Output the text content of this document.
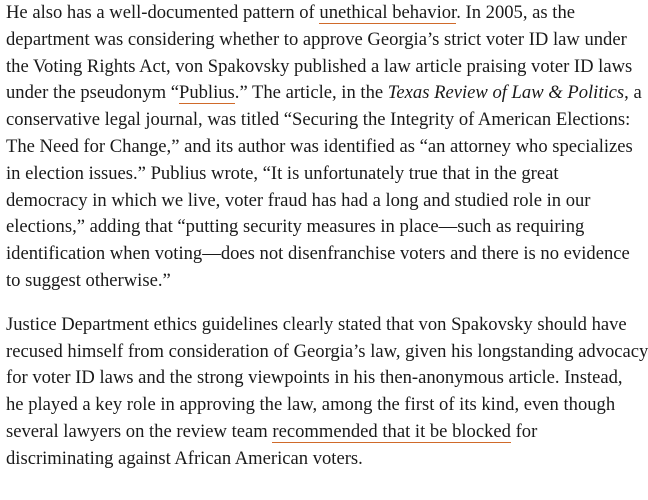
He also has a well-documented pattern of unethical behavior. In 2005, as the
department was considering whether to approve Georgia’s strict voter ID law under
the Voting Rights Act, von Spakovsky published a law article praising voter ID laws
under the pseudonym “Publius.” The article, in the Texas Review of Law & Politics, a
conservative legal journal, was titled “Securing the Integrity of American Elections:
The Need for Change,” and its author was identified as “an attorney who specializes
in election issues.” Publius wrote, “It is unfortunately true that in the great
democracy in which we live, voter fraud has had a long and studied role in our
elections,” adding that “putting security measures in place—such as requiring
identification when voting—does not disenfranchise voters and there is no evidence
to suggest otherwise.”

Justice Department ethics guidelines clearly stated that von Spakovsky should have
recused himself from consideration of Georgia’s law, given his longstanding advocacy
for voter ID laws and the strong viewpoints in his then-anonymous article. Instead,
he played a key role in approving the law, among the first of its kind, even though
several lawyers on the review team recommended that it be blocked for
discriminating against African American voters.
